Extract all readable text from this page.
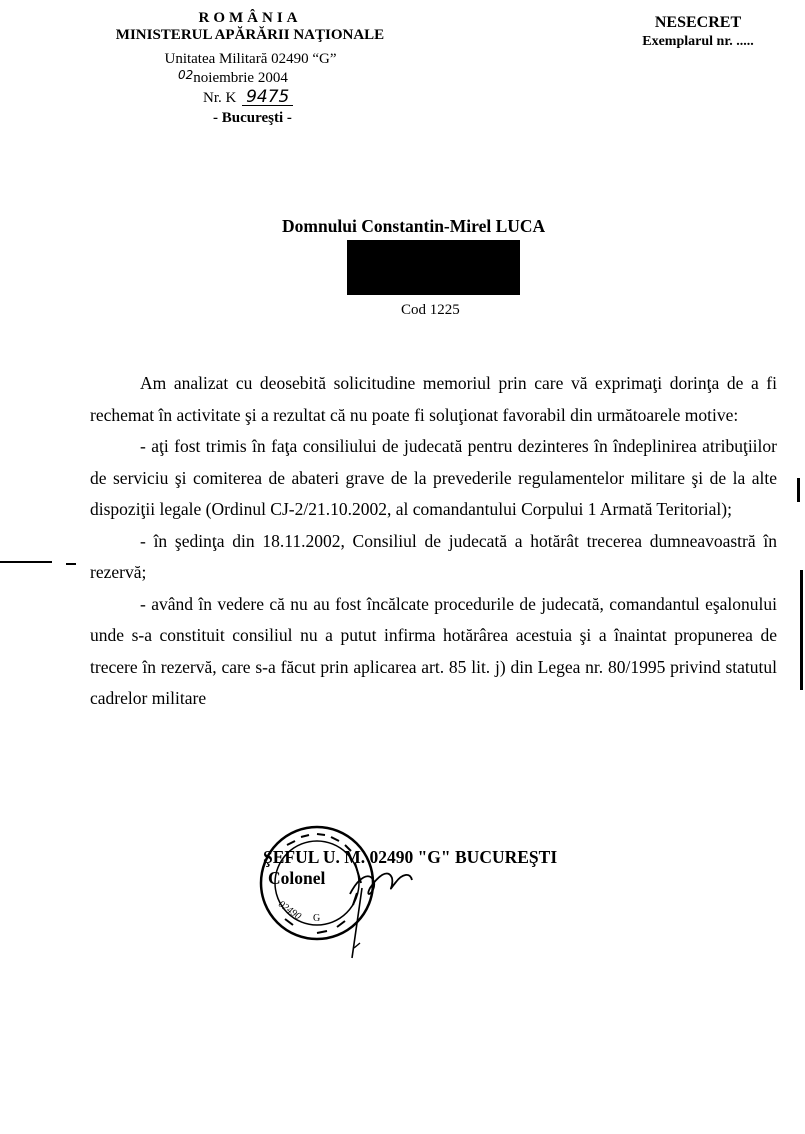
ROMÂNIA
MINISTERUL APĂRĂRII NAŢIONALE
Unitatea Militară 02490 “G”
$^{02}$noiembrie 2004
Nr. K 9475
- Bucureşti -
NESECRET
Exemplarul nr. .....
Domnului Constantin-Mirel LUCA
Cod 1225

Am analizat cu deosebită solicitudine memoriul prin care vă exprimaţi dorinţa de a fi rechemat în activitate şi a rezultat că nu poate fi soluţionat favorabil din următoarele motive:

- aţi fost trimis în faţa consiliului de judecată pentru dezinteres în îndeplinirea atribuţiilor de serviciu şi comiterea de abateri grave de la prevederile regulamentelor militare şi de la alte dispoziţii legale (Ordinul CJ-2/21.10.2002, al comandantului Corpului 1 Armată Teritorial);

- în şedinţa din 18.11.2002, Consiliul de judecată a hotărât trecerea dumneavoastră în rezervă;

- având în vedere că nu au fost încălcate procedurile de judecată, comandantul eşalonului unde s-a constituit consiliul nu a putut infirma hotărârea acestuia şi a înaintat propunerea de trecere în rezervă, care s-a făcut prin aplicarea art. 85 lit. j) din Legea nr. 80/1995 privind statutul cadrelor militare

ŞEFUL U. M. 02490 "G" BUCUREŞTI
Colonel
02490 G
